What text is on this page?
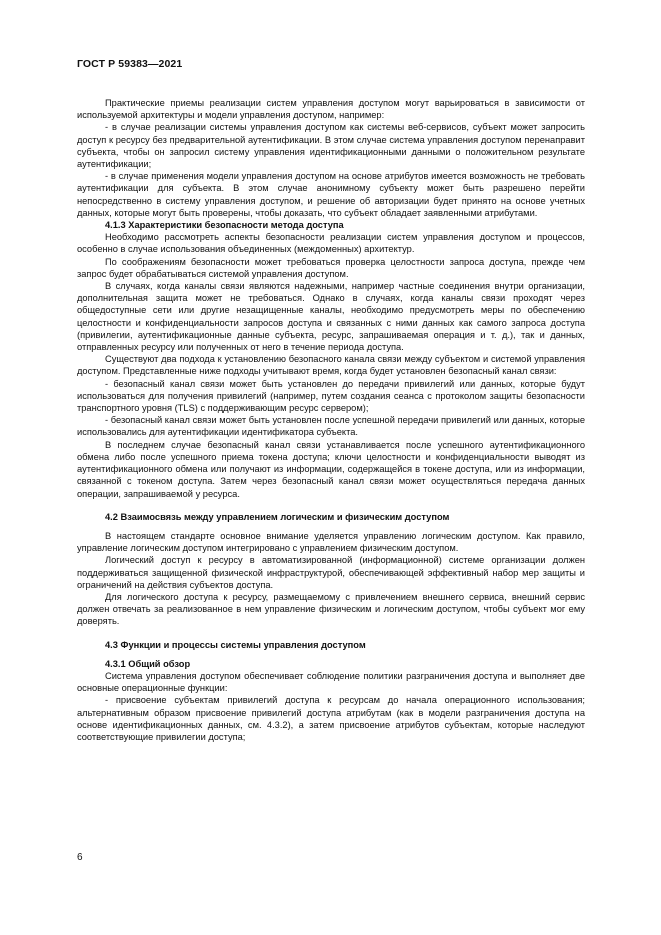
ГОСТ Р 59383—2021

Практические приемы реализации систем управления доступом могут варьироваться в зависимости от используемой архитектуры и модели управления доступом, например:

- в случае реализации системы управления доступом как системы веб-сервисов, субъект может запросить доступ к ресурсу без предварительной аутентификации. В этом случае система управления доступом перенаправит субъекта, чтобы он запросил систему управления идентификационными данными о положительном результате аутентификации;

- в случае применения модели управления доступом на основе атрибутов имеется возможность не требовать аутентификации для субъекта. В этом случае анонимному субъекту может быть разрешено перейти непосредственно в систему управления доступом, и решение об авторизации будет принято на основе учетных данных, которые могут быть проверены, чтобы доказать, что субъект обладает заявленными атрибутами.

4.1.3 Характеристики безопасности метода доступа

Необходимо рассмотреть аспекты безопасности реализации систем управления доступом и процессов, особенно в случае использования объединенных (междоменных) архитектур.

По соображениям безопасности может требоваться проверка целостности запроса доступа, прежде чем запрос будет обрабатываться системой управления доступом.

В случаях, когда каналы связи являются надежными, например частные соединения внутри организации, дополнительная защита может не требоваться. Однако в случаях, когда каналы связи проходят через общедоступные сети или другие незащищенные каналы, необходимо предусмотреть меры по обеспечению целостности и конфиденциальности запросов доступа и связанных с ними данных как самого запроса доступа (привилегии, аутентификационные данные субъекта, ресурс, запрашиваемая операция и т. д.), так и данных, отправленных ресурсу или полученных от него в течение периода доступа.

Существуют два подхода к установлению безопасного канала связи между субъектом и системой управления доступом. Представленные ниже подходы учитывают время, когда будет установлен безопасный канал связи:

- безопасный канал связи может быть установлен до передачи привилегий или данных, которые будут использоваться для получения привилегий (например, путем создания сеанса с протоколом защиты безопасности транспортного уровня (TLS) с поддерживающим ресурс сервером);

- безопасный канал связи может быть установлен после успешной передачи привилегий или данных, которые использовались для аутентификации идентификатора субъекта.

В последнем случае безопасный канал связи устанавливается после успешного аутентификационного обмена либо после успешного приема токена доступа; ключи целостности и конфиденциальности выводят из аутентификационного обмена или получают из информации, содержащейся в токене доступа, или из информации, связанной с токеном доступа. Затем через безопасный канал связи может осуществляться передача данных операции, запрашиваемой у ресурса.

4.2 Взаимосвязь между управлением логическим и физическим доступом

В настоящем стандарте основное внимание уделяется управлению логическим доступом. Как правило, управление логическим доступом интегрировано с управлением физическим доступом.

Логический доступ к ресурсу в автоматизированной (информационной) системе организации должен поддерживаться защищенной физической инфраструктурой, обеспечивающей эффективный набор мер защиты и ограничений на действия субъектов доступа.

Для логического доступа к ресурсу, размещаемому с привлечением внешнего сервиса, внешний сервис должен отвечать за реализованное в нем управление физическим и логическим доступом, чтобы субъект мог ему доверять.

4.3 Функции и процессы системы управления доступом
4.3.1 Общий обзор

Система управления доступом обеспечивает соблюдение политики разграничения доступа и выполняет две основные операционные функции:

- присвоение субъектам привилегий доступа к ресурсам до начала операционного использования; альтернативным образом присвоение привилегий доступа атрибутам (как в модели разграничения доступа на основе идентификационных данных, см. 4.3.2), а затем присвоение атрибутов субъектам, которые наследуют соответствующие привилегии доступа;

6
